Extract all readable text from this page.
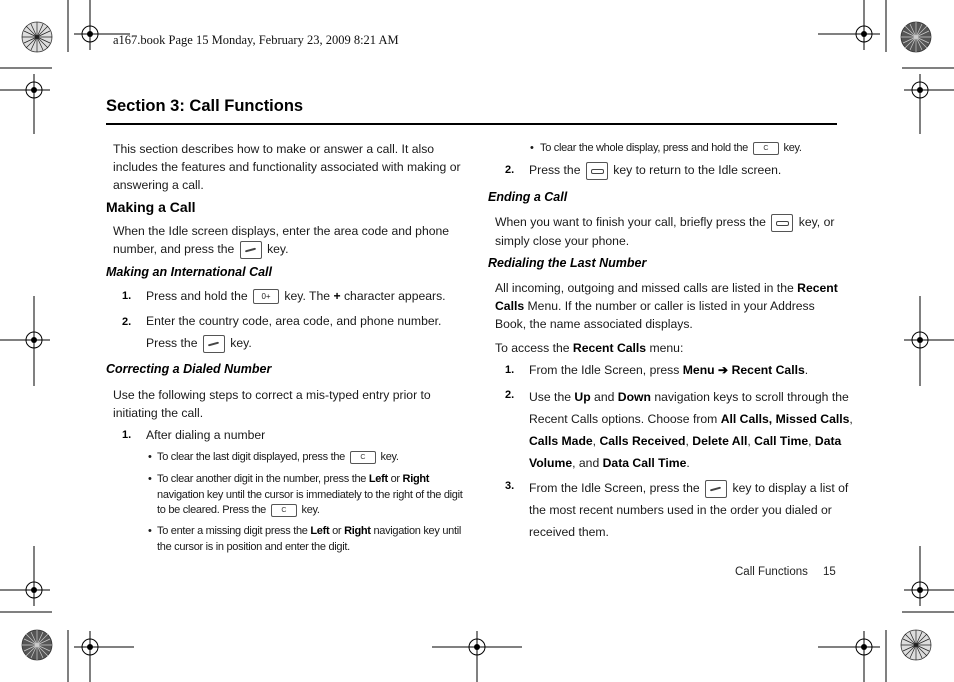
a167.book Page 15 Monday, February 23, 2009 8:21 AM
Section 3: Call Functions
This section describes how to make or answer a call. It also
includes the features and functionality associated with making or
answering a call.
Making a Call
When the Idle screen displays, enter the area code and phone
number, and press the	key.
Making an International Call
1. Press and hold the 0+ key. The + character appears.
2. Enter the country code, area code, and phone number.
Press the	key.
Correcting a Dialed Number
Use the following steps to correct a mis-typed entry prior to
initiating the call.
1. After dialing a number
• To clear the last digit displayed, press the C key.
• To clear another digit in the number, press the Left or Right
navigation key until the cursor is immediately to the right of the digit
to be cleared. Press the C key.
• To enter a missing digit press the Left or Right navigation key until
the cursor is in position and enter the digit.
• To clear the whole display, press and hold the C key.
2. Press the	key to return to the Idle screen.
Ending a Call
When you want to finish your call, briefly press the	key, or
simply close your phone.
Redialing the Last Number
All incoming, outgoing and missed calls are listed in the Recent
Calls Menu. If the number or caller is listed in your Address
Book, the name associated displays.
To access the Recent Calls menu:
1. From the Idle Screen, press Menu ➔ Recent Calls.
2. Use the Up and Down navigation keys to scroll through the
Recent Calls options. Choose from All Calls, Missed Calls,
Calls Made, Calls Received, Delete All, Call Time, Data
Volume, and Data Call Time.
3. From the Idle Screen, press the	key to display a list of
the most recent numbers used in the order you dialed or
received them.
Call Functions 15
